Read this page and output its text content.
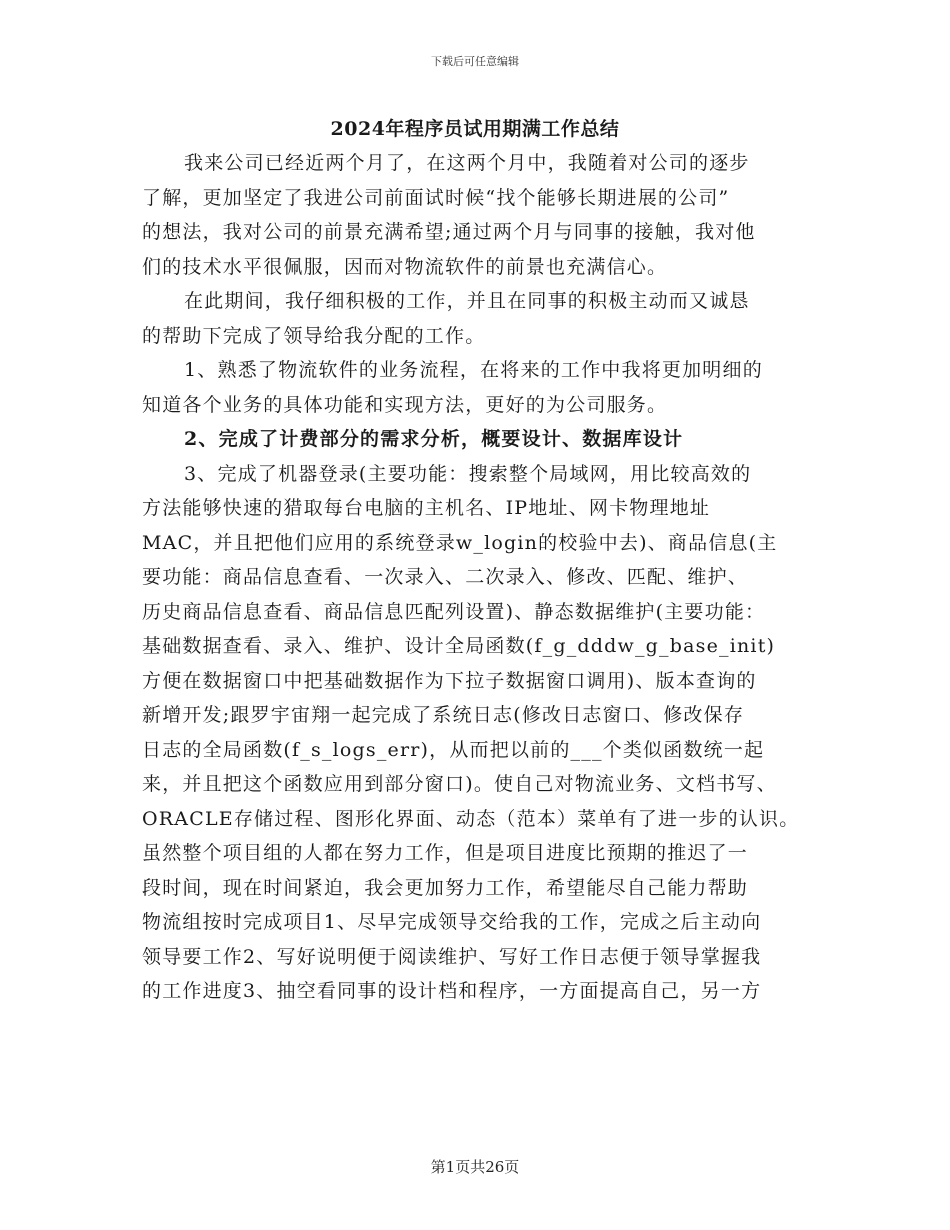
下载后可任意编辑
2024年程序员试用期满工作总结
我来公司已经近两个月了，在这两个月中，我随着对公司的逐步
了解，更加坚定了我进公司前面试时候“找个能够长期进展的公司”
的想法，我对公司的前景充满希望;通过两个月与同事的接触，我对他
们的技术水平很佩服，因而对物流软件的前景也充满信心。
在此期间，我仔细积极的工作，并且在同事的积极主动而又诚恳
的帮助下完成了领导给我分配的工作。
1、熟悉了物流软件的业务流程，在将来的工作中我将更加明细的
知道各个业务的具体功能和实现方法，更好的为公司服务。
2、完成了计费部分的需求分析，概要设计、数据库设计
3、完成了机器登录(主要功能：搜索整个局域网，用比较高效的
方法能够快速的猎取每台电脑的主机名、IP地址、网卡物理地址
MAC，并且把他们应用的系统登录w_login的校验中去)、商品信息(主
要功能：商品信息查看、一次录入、二次录入、修改、匹配、维护、
历史商品信息查看、商品信息匹配列设置)、静态数据维护(主要功能：
基础数据查看、录入、维护、设计全局函数(f_g_dddw_g_base_init)
方便在数据窗口中把基础数据作为下拉子数据窗口调用)、版本查询的
新增开发;跟罗宇宙翔一起完成了系统日志(修改日志窗口、修改保存
日志的全局函数(f_s_logs_err)，从而把以前的___个类似函数统一起
来，并且把这个函数应用到部分窗口)。使自己对物流业务、文档书写、
ORACLE存储过程、图形化界面、动态（范本）菜单有了进一步的认识。
虽然整个项目组的人都在努力工作，但是项目进度比预期的推迟了一
段时间，现在时间紧迫，我会更加努力工作，希望能尽自己能力帮助
物流组按时完成项目1、尽早完成领导交给我的工作，完成之后主动向
领导要工作2、写好说明便于阅读维护、写好工作日志便于领导掌握我
的工作进度3、抽空看同事的设计档和程序，一方面提高自己，另一方
第1页共26页
